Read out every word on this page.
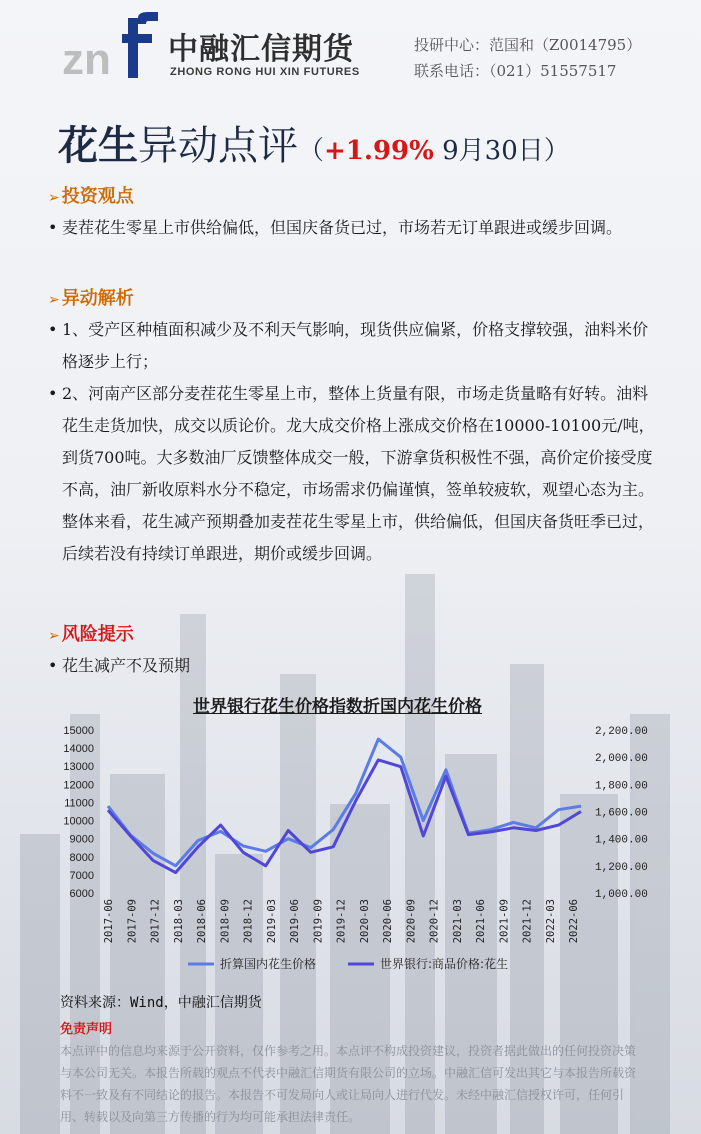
zn 中融汇信期货
ZHONG RONG HUI XIN FUTURES
投研中心：范国和（Z0014795）
联系电话：（021）51557517
花生异动点评（+1.99% 9月30日）
➢ 投资观点
• 麦茬花生零星上市供给偏低，但国庆备货已过，市场若无订单跟进或缓步回调。
➢ 异动解析
• 1、受产区种植面积减少及不利天气影响，现货供应偏紧，价格支撑较强，油料米价格逐步上行；
• 2、河南产区部分麦茬花生零星上市，整体上货量有限，市场走货量略有好转。油料花生走货加快，成交以质论价。龙大成交价格上涨成交价格在10000-10100元/吨，到货700吨。大多数油厂反馈整体成交一般，下游拿货积极性不强，高价定价接受度不高，油厂新收原料水分不稳定，市场需求仍偏谨慎，签单较疲软，观望心态为主。整体来看，花生减产预期叠加麦茬花生零星上市，供给偏低，但国庆备货旺季已过，后续若没有持续订单跟进，期价或缓步回调。
➢ 风险提示
• 花生减产不及预期
世界银行花生价格指数折国内花生价格
15000
14000
13000
12000
11000
10000
9000
8000
7000
6000
2,200.00
2,000.00
1,800.00
1,600.00
1,400.00
1,200.00
1,000.00
2017-06 2017-09 2017-12 2018-03 2018-06 2018-09 2018-12 2019-03 2019-06 2019-09 2019-12 2020-03 2020-06 2020-09 2020-12 2021-03 2021-06 2021-09 2021-12 2022-03 2022-06
折算国内花生价格	世界银行:商品价格:花生
资料来源：Wind，中融汇信期货
免责声明
本点评中的信息均来源于公开资料，仅作参考之用。本点评不构成投资建议，投资者据此做出的任何投资决策与本公司无关。本报告所载的观点不代表中融汇信期货有限公司的立场。中融汇信可发出其它与本报告所载资料不一致及有不同结论的报告。本报告不可发局向人或让局向人进行代发。未经中融汇信授权许可，任何引用、转载以及向第三方传播的行为均可能承担法律责任。
